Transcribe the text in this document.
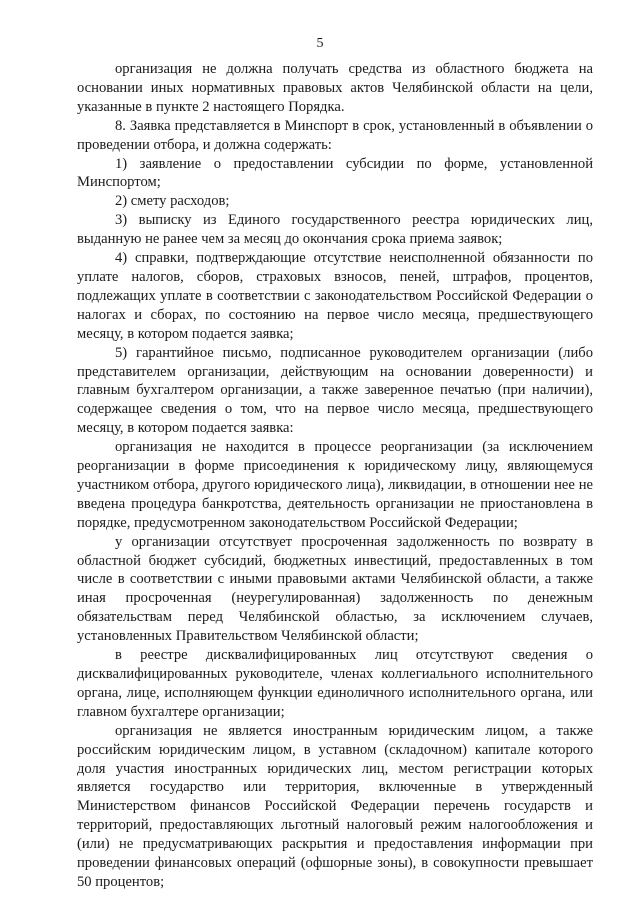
5

организация не должна получать средства из областного бюджета на основании иных нормативных правовых актов Челябинской области на цели, указанные в пункте 2 настоящего Порядка.

8. Заявка представляется в Минспорт в срок, установленный в объявлении о проведении отбора, и должна содержать:

1) заявление о предоставлении субсидии по форме, установленной Минспортом;

2) смету расходов;

3) выписку из Единого государственного реестра юридических лиц, выданную не ранее чем за месяц до окончания срока приема заявок;

4) справки, подтверждающие отсутствие неисполненной обязанности по уплате налогов, сборов, страховых взносов, пеней, штрафов, процентов, подлежащих уплате в соответствии с законодательством Российской Федерации о налогах и сборах, по состоянию на первое число месяца, предшествующего месяцу, в котором подается заявка;

5) гарантийное письмо, подписанное руководителем организации (либо представителем организации, действующим на основании доверенности) и главным бухгалтером организации, а также заверенное печатью (при наличии), содержащее сведения о том, что на первое число месяца, предшествующего месяцу, в котором подается заявка:

организация не находится в процессе реорганизации (за исключением реорганизации в форме присоединения к юридическому лицу, являющемуся участником отбора, другого юридического лица), ликвидации, в отношении нее не введена процедура банкротства, деятельность организации не приостановлена в порядке, предусмотренном законодательством Российской Федерации;

у организации отсутствует просроченная задолженность по возврату в областной бюджет субсидий, бюджетных инвестиций, предоставленных в том числе в соответствии с иными правовыми актами Челябинской области, а также иная просроченная (неурегулированная) задолженность по денежным обязательствам перед Челябинской областью, за исключением случаев, установленных Правительством Челябинской области;

в реестре дисквалифицированных лиц отсутствуют сведения о дисквалифицированных руководителе, членах коллегиального исполнительного органа, лице, исполняющем функции единоличного исполнительного органа, или главном бухгалтере организации;

организация не является иностранным юридическим лицом, а также российским юридическим лицом, в уставном (складочном) капитале которого доля участия иностранных юридических лиц, местом регистрации которых является государство или территория, включенные в утвержденный Министерством финансов Российской Федерации перечень государств и территорий, предоставляющих льготный налоговый режим налогообложения и (или) не предусматривающих раскрытия и предоставления информации при проведении финансовых операций (офшорные зоны), в совокупности превышает 50 процентов;
